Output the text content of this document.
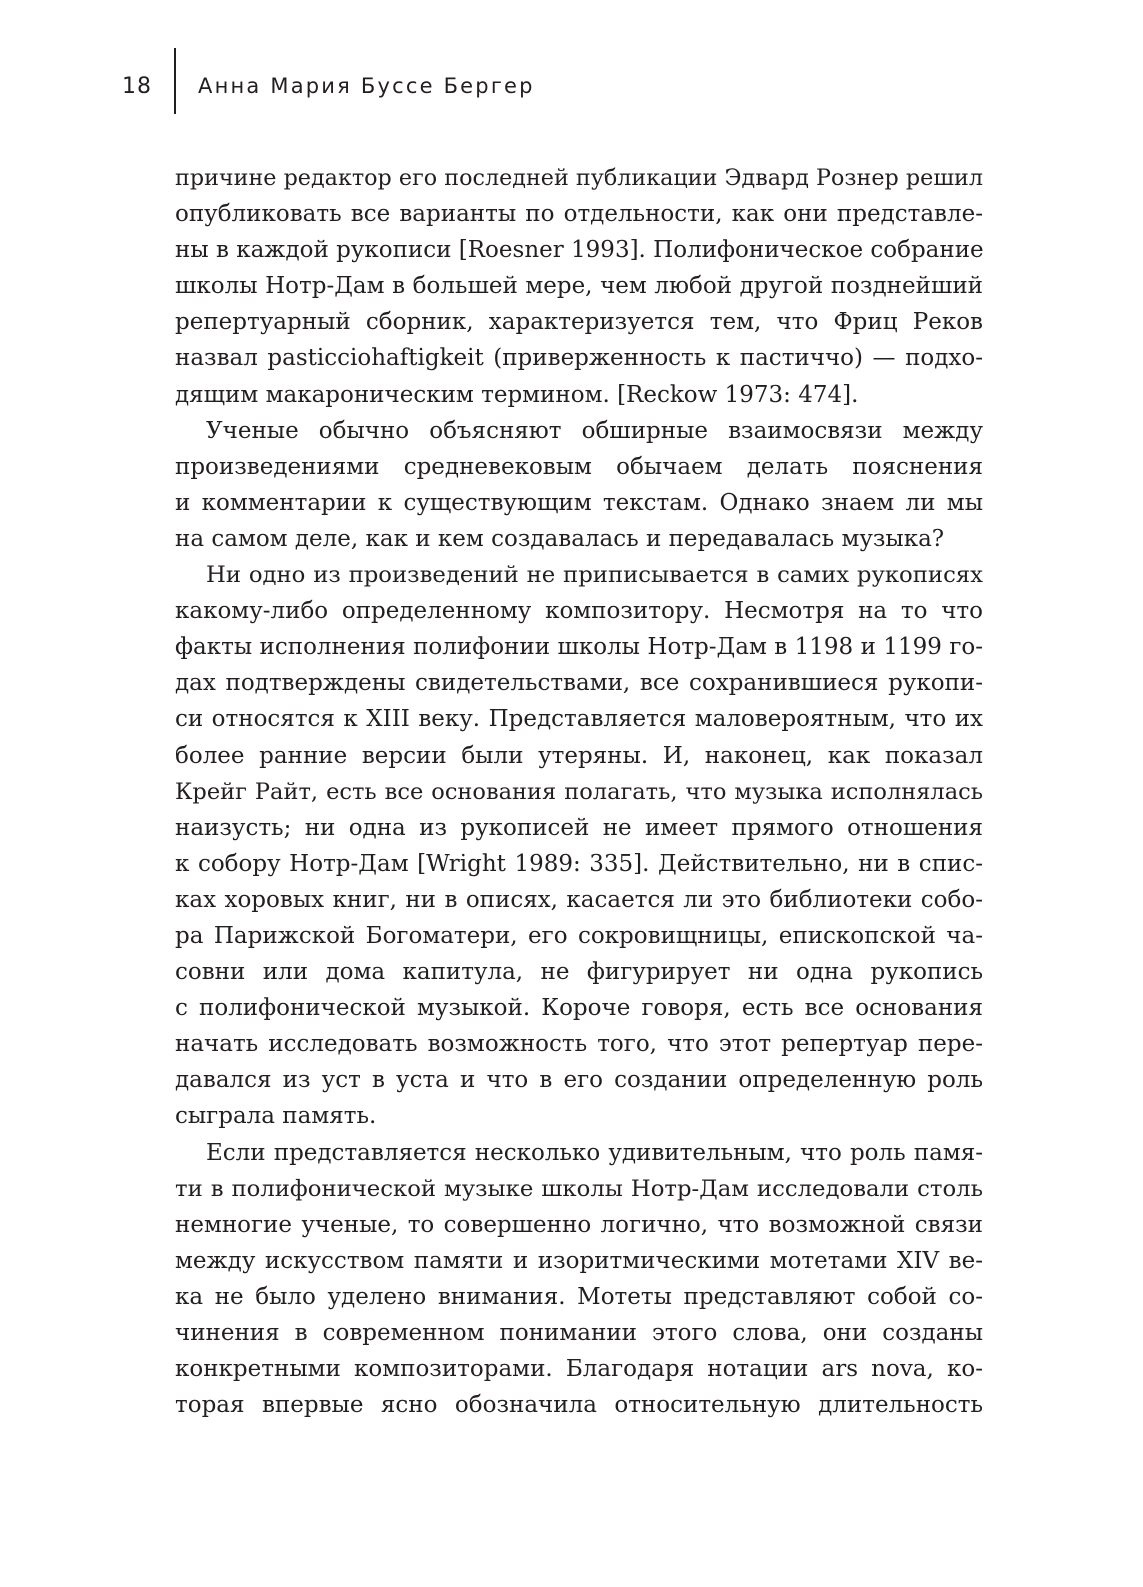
18 Анна Мария Буссе Бергер

причине редактор его последней публикации Эдвард Рознер решил
опубликовать все варианты по отдельности, как они представле-
ны в каждой рукописи [Roesner 1993]. Полифоническое собрание
школы Нотр-Дам в большей мере, чем любой другой позднейший
репертуарный сборник, характеризуется тем, что Фриц Реков
назвал pasticciohaftigkeit (приверженность к пастиччо) — подхо-
дящим макароническим термином. [Reckow 1973: 474].

Ученые обычно объясняют обширные взаимосвязи между
произведениями средневековым обычаем делать пояснения
и комментарии к существующим текстам. Однако знаем ли мы
на самом деле, как и кем создавалась и передавалась музыка?

Ни одно из произведений не приписывается в самих рукописях
какому-либо определенному композитору. Несмотря на то что
факты исполнения полифонии школы Нотр-Дам в 1198 и 1199 го-
дах подтверждены свидетельствами, все сохранившиеся рукопи-
си относятся к XIII веку. Представляется маловероятным, что их
более ранние версии были утеряны. И, наконец, как показал
Крейг Райт, есть все основания полагать, что музыка исполнялась
наизусть; ни одна из рукописей не имеет прямого отношения
к собору Нотр-Дам [Wright 1989: 335]. Действительно, ни в спис-
ках хоровых книг, ни в описях, касается ли это библиотеки собо-
ра Парижской Богоматери, его сокровищницы, епископской ча-
совни или дома капитула, не фигурирует ни одна рукопись
с полифонической музыкой. Короче говоря, есть все основания
начать исследовать возможность того, что этот репертуар пере-
давался из уст в уста и что в его создании определенную роль
сыграла память.

Если представляется несколько удивительным, что роль памя-
ти в полифонической музыке школы Нотр-Дам исследовали столь
немногие ученые, то совершенно логично, что возможной связи
между искусством памяти и изоритмическими мотетами XIV ве-
ка не было уделено внимания. Мотеты представляют собой со-
чинения в современном понимании этого слова, они созданы
конкретными композиторами. Благодаря нотации ars nova, ко-
торая впервые ясно обозначила относительную длительность
